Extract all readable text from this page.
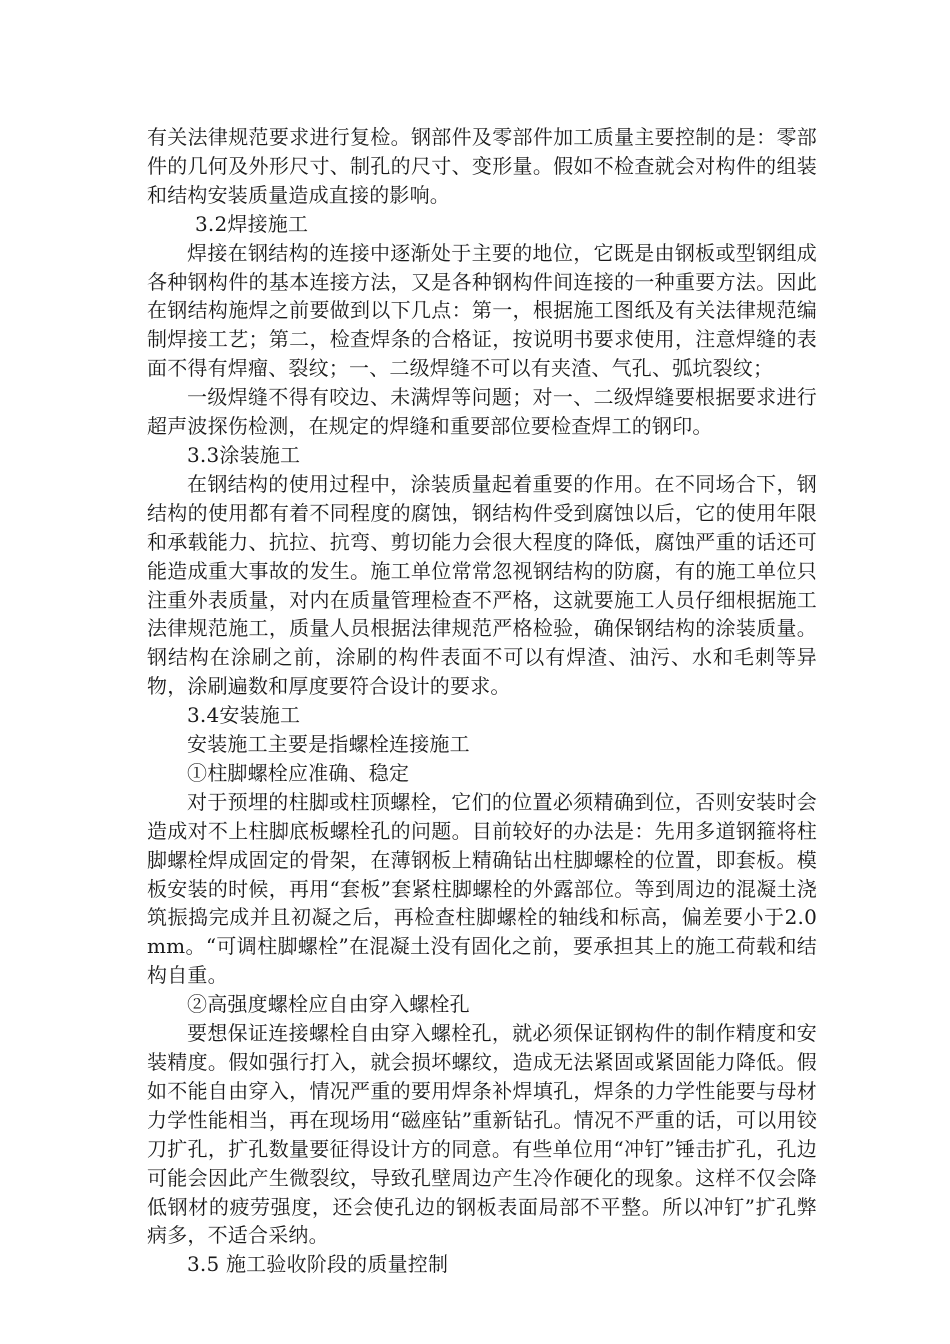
有关法律规范要求进行复检。钢部件及零部件加工质量主要控制的是：零部件的几何及外形尺寸、制孔的尺寸、变形量。假如不检查就会对构件的组装和结构安装质量造成直接的影响。

3.2焊接施工

焊接在钢结构的连接中逐渐处于主要的地位，它既是由钢板或型钢组成各种钢构件的基本连接方法，又是各种钢构件间连接的一种重要方法。因此在钢结构施焊之前要做到以下几点：第一，根据施工图纸及有关法律规范编制焊接工艺；第二，检查焊条的合格证，按说明书要求使用，注意焊缝的表面不得有焊瘤、裂纹；一、二级焊缝不可以有夹渣、气孔、弧坑裂纹；

一级焊缝不得有咬边、未满焊等问题；对一、二级焊缝要根据要求进行超声波探伤检测，在规定的焊缝和重要部位要检查焊工的钢印。

3.3涂装施工

在钢结构的使用过程中，涂装质量起着重要的作用。在不同场合下，钢结构的使用都有着不同程度的腐蚀，钢结构件受到腐蚀以后，它的使用年限和承载能力、抗拉、抗弯、剪切能力会很大程度的降低，腐蚀严重的话还可能造成重大事故的发生。施工单位常常忽视钢结构的防腐，有的施工单位只注重外表质量，对内在质量管理检查不严格，这就要施工人员仔细根据施工法律规范施工，质量人员根据法律规范严格检验，确保钢结构的涂装质量。钢结构在涂刷之前，涂刷的构件表面不可以有焊渣、油污、水和毛刺等异物，涂刷遍数和厚度要符合设计的要求。

3.4安装施工

安装施工主要是指螺栓连接施工

①柱脚螺栓应准确、稳定

对于预埋的柱脚或柱顶螺栓，它们的位置必须精确到位，否则安装时会造成对不上柱脚底板螺栓孔的问题。目前较好的办法是：先用多道钢箍将柱脚螺栓焊成固定的骨架，在薄钢板上精确钻出柱脚螺栓的位置，即套板。模板安装的时候，再用“套板”套紧柱脚螺栓的外露部位。等到周边的混凝土浇筑振捣完成并且初凝之后，再检查柱脚螺栓的轴线和标高，偏差要小于2.0mm。“可调柱脚螺栓”在混凝土没有固化之前，要承担其上的施工荷载和结构自重。

②高强度螺栓应自由穿入螺栓孔

要想保证连接螺栓自由穿入螺栓孔，就必须保证钢构件的制作精度和安装精度。假如强行打入，就会损坏螺纹，造成无法紧固或紧固能力降低。假如不能自由穿入，情况严重的要用焊条补焊填孔，焊条的力学性能要与母材力学性能相当，再在现场用“磁座钻”重新钻孔。情况不严重的话，可以用铰刀扩孔，扩孔数量要征得设计方的同意。有些单位用“冲钉”锤击扩孔，孔边可能会因此产生微裂纹，导致孔壁周边产生冷作硬化的现象。这样不仅会降低钢材的疲劳强度，还会使孔边的钢板表面局部不平整。所以冲钉”扩孔弊病多，不适合采纳。

3.5 施工验收阶段的质量控制
